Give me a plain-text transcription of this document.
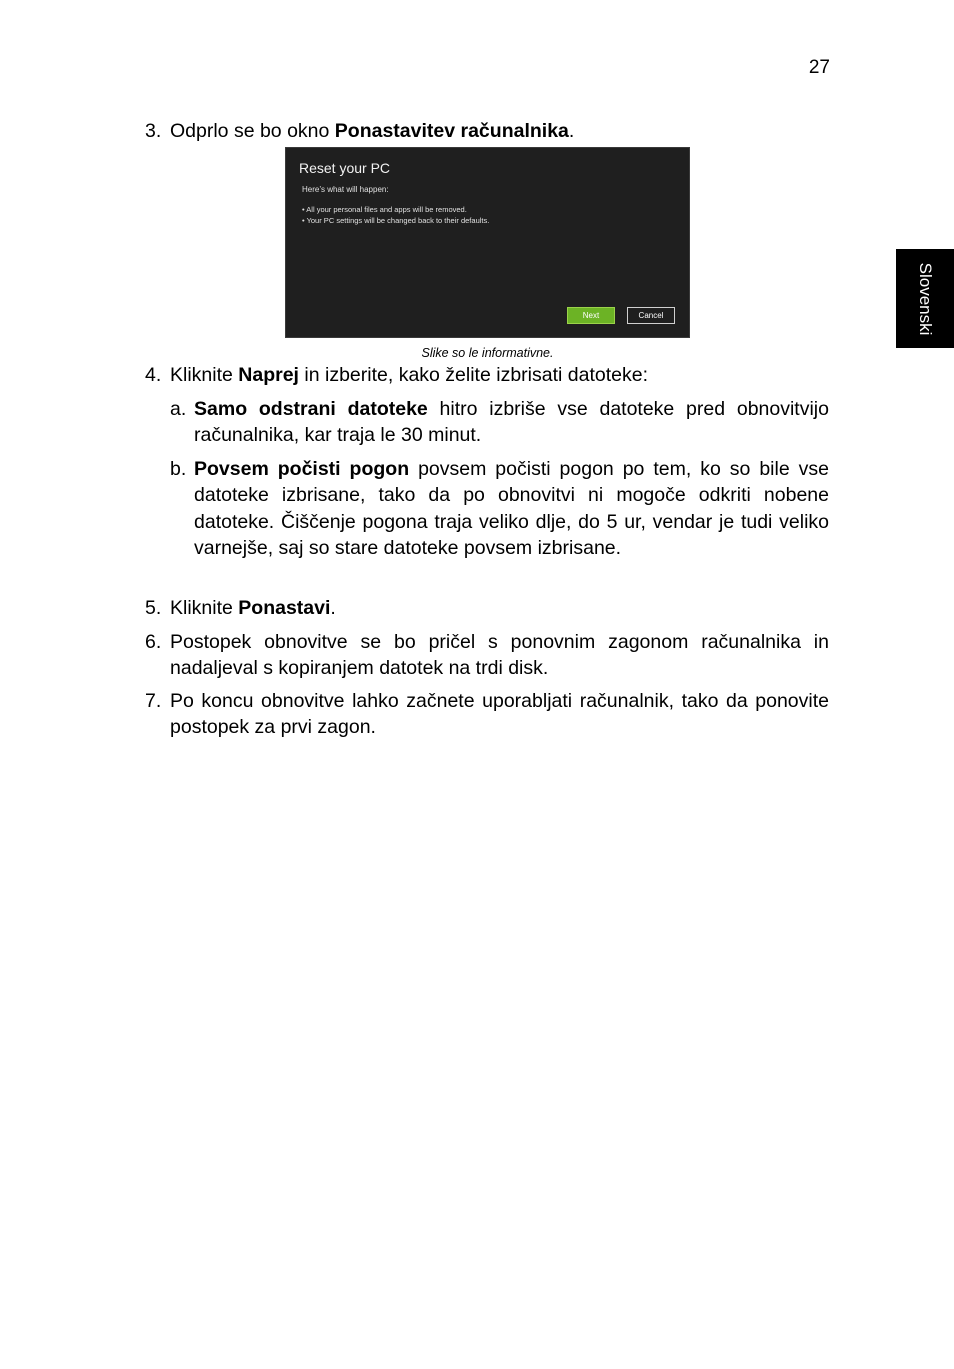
27
Slovenski
3. Odprlo se bo okno Ponastavitev računalnika.
Reset your PC
Here’s what will happen:
• All your personal files and apps will be removed.
• Your PC settings will be changed back to their defaults.
Next	Cancel
Slike so le informativne.
4. Kliknite Naprej in izberite, kako želite izbrisati datoteke:
a. Samo odstrani datoteke hitro izbriše vse datoteke pred obnovitvijo računalnika, kar traja le 30 minut.
b. Povsem počisti pogon povsem počisti pogon po tem, ko so bile vse datoteke izbrisane, tako da po obnovitvi ni mogoče odkriti nobene datoteke. Čiščenje pogona traja veliko dlje, do 5 ur, vendar je tudi veliko varnejše, saj so stare datoteke povsem izbrisane.
5. Kliknite Ponastavi.
6. Postopek obnovitve se bo pričel s ponovnim zagonom računalnika in nadaljeval s kopiranjem datotek na trdi disk.
7. Po koncu obnovitve lahko začnete uporabljati računalnik, tako da ponovite postopek za prvi zagon.
